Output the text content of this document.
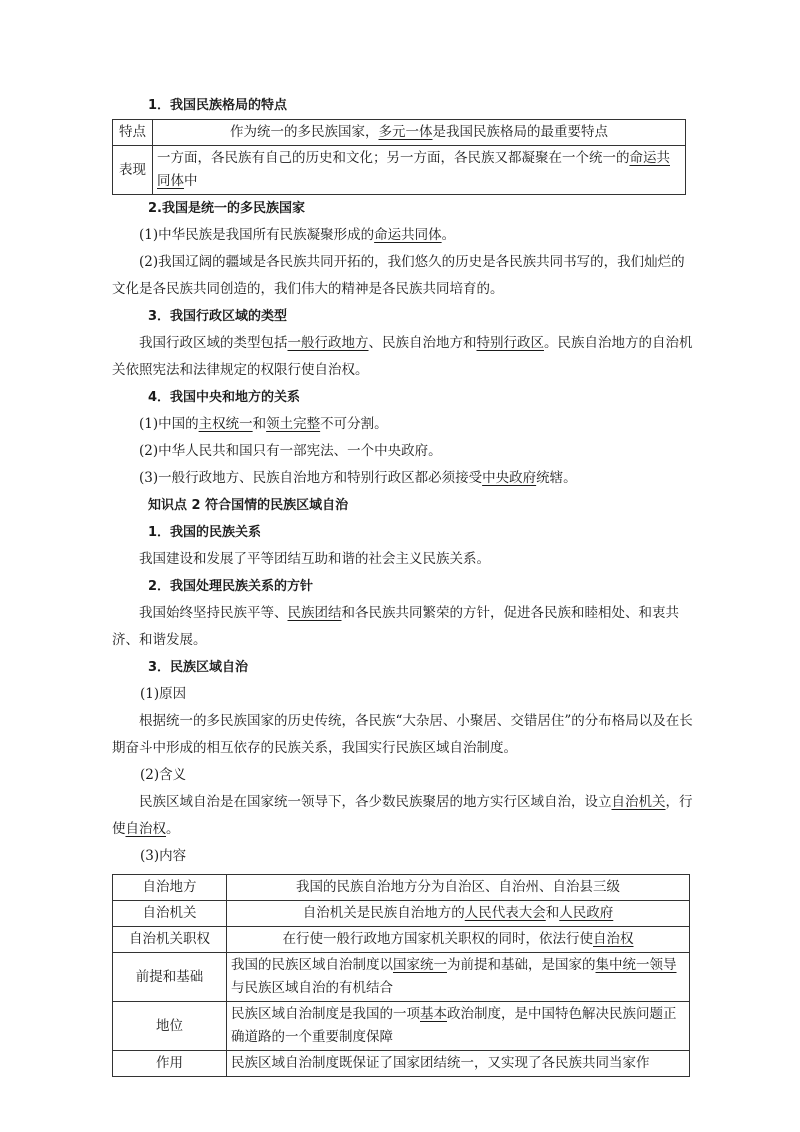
1．我国民族格局的特点
特点	作为统一的多民族国家，多元一体是我国民族格局的最重要特点
表现	一方面，各民族有自己的历史和文化；另一方面，各民族又都凝聚在一个统一的命运共同体中
2.我国是统一的多民族国家
(1)中华民族是我国所有民族凝聚形成的命运共同体。
(2)我国辽阔的疆域是各民族共同开拓的，我们悠久的历史是各民族共同书写的，我们灿烂的文化是各民族共同创造的，我们伟大的精神是各民族共同培育的。
3．我国行政区域的类型
我国行政区域的类型包括一般行政地方、民族自治地方和特别行政区。民族自治地方的自治机关依照宪法和法律规定的权限行使自治权。
4．我国中央和地方的关系
(1)中国的主权统一和领土完整不可分割。
(2)中华人民共和国只有一部宪法、一个中央政府。
(3)一般行政地方、民族自治地方和特别行政区都必须接受中央政府统辖。
知识点 2 符合国情的民族区域自治
1．我国的民族关系
我国建设和发展了平等团结互助和谐的社会主义民族关系。
2．我国处理民族关系的方针
我国始终坚持民族平等、民族团结和各民族共同繁荣的方针，促进各民族和睦相处、和衷共济、和谐发展。
3．民族区域自治
(1)原因
根据统一的多民族国家的历史传统，各民族“大杂居、小聚居、交错居住”的分布格局以及在长期奋斗中形成的相互依存的民族关系，我国实行民族区域自治制度。
(2)含义
民族区域自治是在国家统一领导下，各少数民族聚居的地方实行区域自治，设立自治机关，行使自治权。
(3)内容
自治地方	我国的民族自治地方分为自治区、自治州、自治县三级
自治机关	自治机关是民族自治地方的人民代表大会和人民政府
自治机关职权	在行使一般行政地方国家机关职权的同时，依法行使自治权
前提和基础	我国的民族区域自治制度以国家统一为前提和基础，是国家的集中统一领导与民族区域自治的有机结合
地位	民族区域自治制度是我国的一项基本政治制度，是中国特色解决民族问题正确道路的一个重要制度保障
作用	民族区域自治制度既保证了国家团结统一，又实现了各民族共同当家作
